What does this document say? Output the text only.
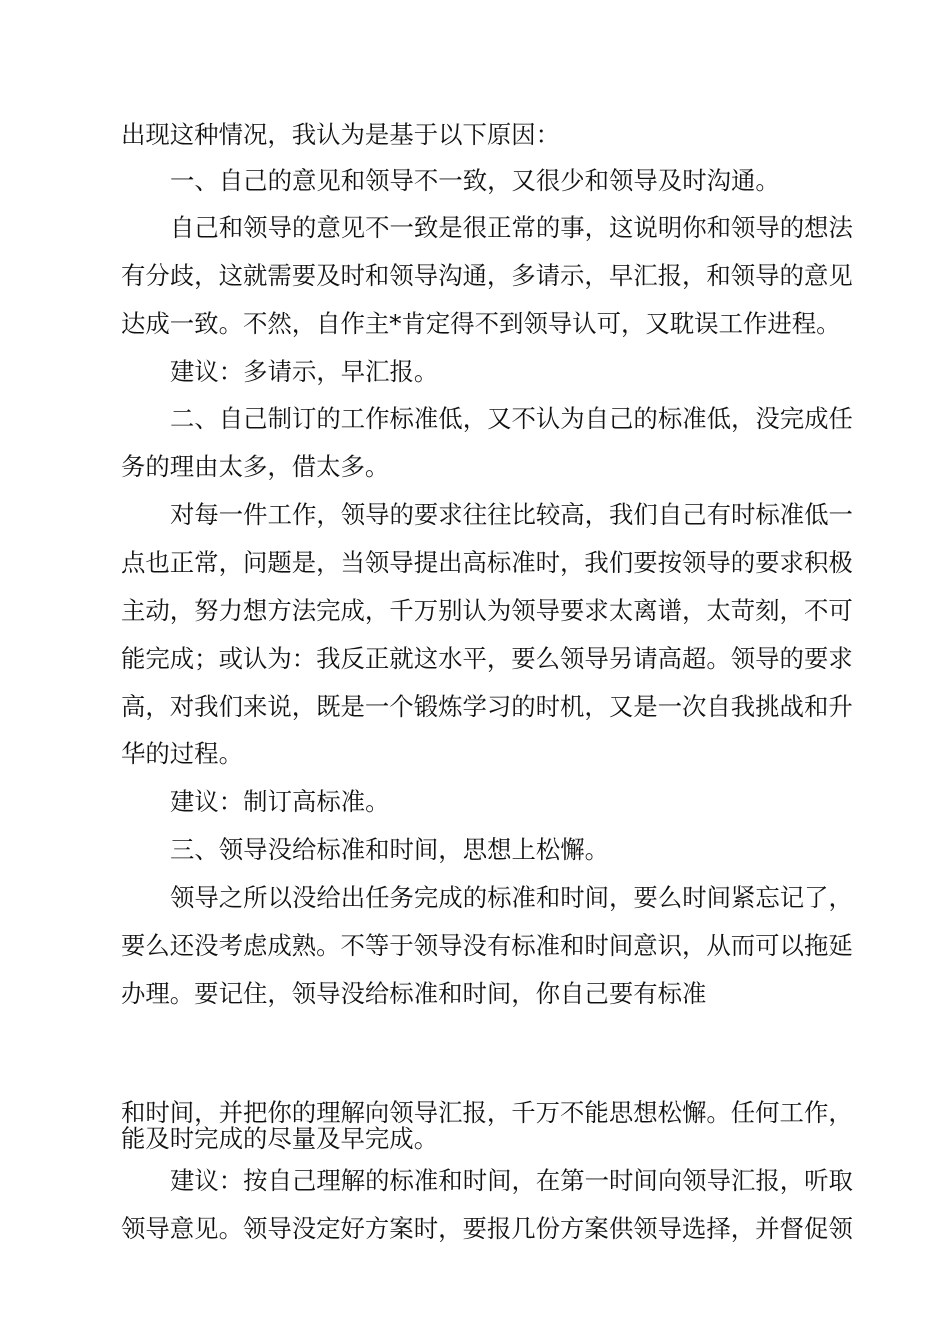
出现这种情况，我认为是基于以下原因：
一、自己的意见和领导不一致，又很少和领导及时沟通。
自己和领导的意见不一致是很正常的事，这说明你和领导的想法
有分歧，这就需要及时和领导沟通，多请示，早汇报，和领导的意见
达成一致。不然，自作主*肯定得不到领导认可，又耽误工作进程。
建议：多请示，早汇报。
二、自己制订的工作标准低，又不认为自己的标准低，没完成任
务的理由太多，借太多。
对每一件工作，领导的要求往往比较高，我们自己有时标准低一
点也正常，问题是，当领导提出高标准时，我们要按领导的要求积极
主动，努力想方法完成，千万别认为领导要求太离谱，太苛刻，不可
能完成；或认为：我反正就这水平，要么领导另请高超。领导的要求
高，对我们来说，既是一个锻炼学习的时机，又是一次自我挑战和升
华的过程。
建议：制订高标准。
三、领导没给标准和时间，思想上松懈。
领导之所以没给出任务完成的标准和时间，要么时间紧忘记了，
要么还没考虑成熟。不等于领导没有标准和时间意识，从而可以拖延
办理。要记住，领导没给标准和时间，你自己要有标准
和时间，并把你的理解向领导汇报，千万不能思想松懈。任何工作，
能及时完成的尽量及早完成。
建议：按自己理解的标准和时间，在第一时间向领导汇报，听取
领导意见。领导没定好方案时，要报几份方案供领导选择，并督促领
